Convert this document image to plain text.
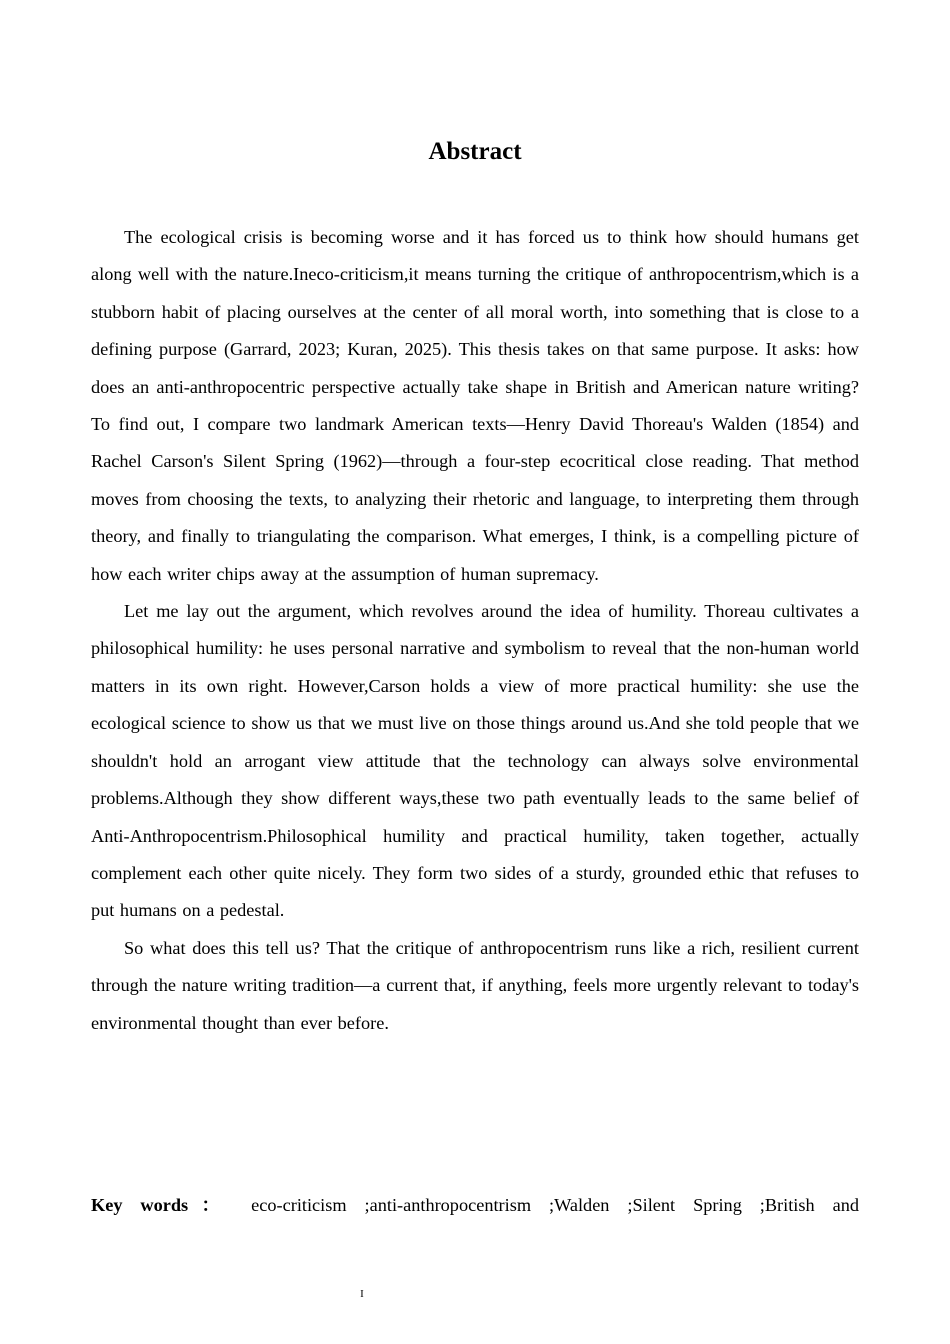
Abstract

The ecological crisis is becoming worse and it has forced us to think how should humans get along well with the nature.Ineco-criticism,it means turning the critique of anthropocentrism,which is a stubborn habit of placing ourselves at the center of all moral worth, into something that is close to a defining purpose (Garrard, 2023; Kuran, 2025). This thesis takes on that same purpose. It asks: how does an anti-anthropocentric perspective actually take shape in British and American nature writing? To find out, I compare two landmark American texts—Henry David Thoreau's Walden (1854) and Rachel Carson's Silent Spring (1962)—through a four-step ecocritical close reading. That method moves from choosing the texts, to analyzing their rhetoric and language, to interpreting them through theory, and finally to triangulating the comparison. What emerges, I think, is a compelling picture of how each writer chips away at the assumption of human supremacy.

Let me lay out the argument, which revolves around the idea of humility. Thoreau cultivates a philosophical humility: he uses personal narrative and symbolism to reveal that the non-human world matters in its own right. However,Carson holds a view of more practical humility: she use the ecological science to show us that we must live on those things around us.And she told people that we shouldn't hold an arrogant view attitude that the technology can always solve environmental problems.Although they show different ways,these two path eventually leads to the same belief of Anti-Anthropocentrism.Philosophical humility and practical humility, taken together, actually complement each other quite nicely. They form two sides of a sturdy, grounded ethic that refuses to put humans on a pedestal.

So what does this tell us? That the critique of anthropocentrism runs like a rich, resilient current through the nature writing tradition—a current that, if anything, feels more urgently relevant to today's environmental thought than ever before.

Key words： eco-criticism ;anti-anthropocentrism ;Walden ;Silent Spring ;British and
I
